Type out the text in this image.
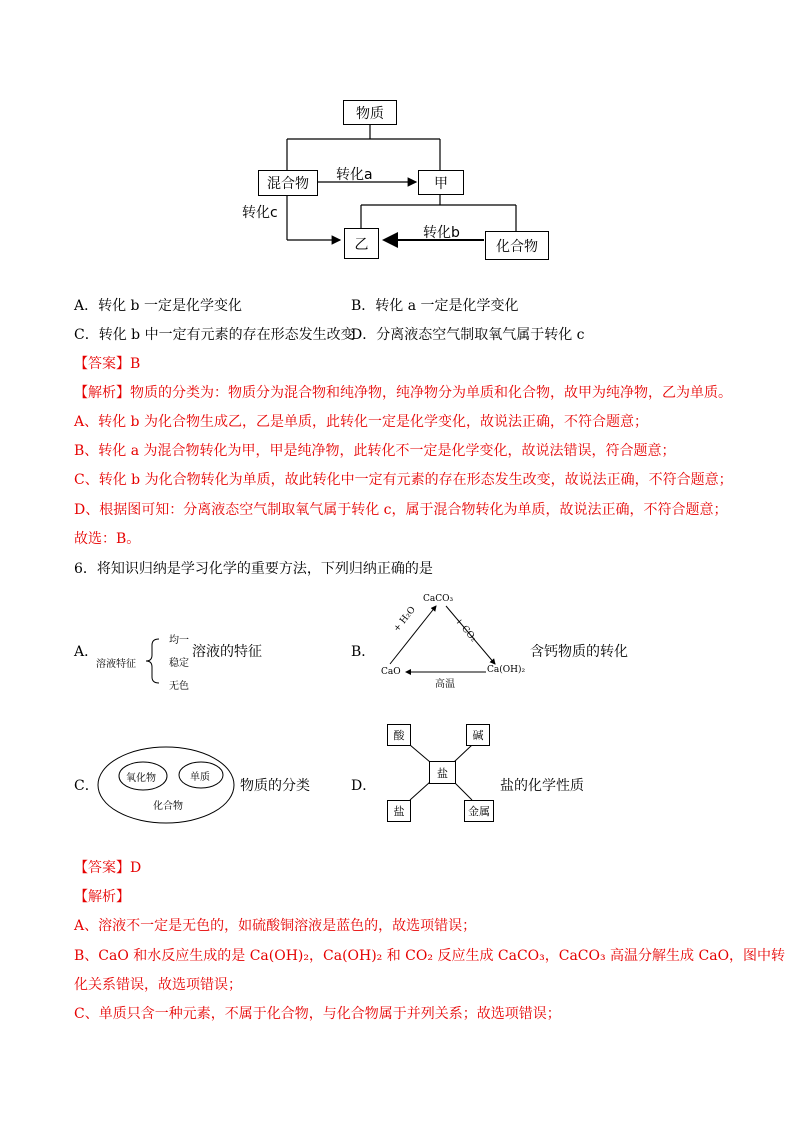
物质
混合物	甲
乙	化合物
转化a
转化b
转化c
A．转化 b 一定是化学变化	B．转化 a 一定是化学变化
C．转化 b 中一定有元素的存在形态发生改变
D．分离液态空气制取氧气属于转化 c
【答案】B
【解析】物质的分类为：物质分为混合物和纯净物，纯净物分为单质和化合物，故甲为纯净物，乙为单质。
A、转化 b 为化合物生成乙，乙是单质，此转化一定是化学变化，故说法正确，不符合题意；
B、转化 a 为混合物转化为甲，甲是纯净物，此转化不一定是化学变化，故说法错误，符合题意；
C、转化 b 为化合物转化为单质，故此转化中一定有元素的存在形态发生改变，故说法正确，不符合题意；
D、根据图可知：分离液态空气制取氧气属于转化 c，属于混合物转化为单质，故说法正确，不符合题意；
故选：B。
6．将知识归纳是学习化学的重要方法，下列归纳正确的是
A．
溶液特征
均一
稳定
无色
溶液的特征	B．
CaCO₃
CaO	Ca(OH)₂
+ H₂O	+ CO₂
高温
含钙物质的转化
C．	氧化物	单质
化合物
物质的分类	D．
酸	碱
盐
盐	金属
盐的化学性质
【答案】D
【解析】
A、溶液不一定是无色的，如硫酸铜溶液是蓝色的，故选项错误；
B、CaO 和水反应生成的是 Ca(OH)₂，Ca(OH)₂ 和 CO₂ 反应生成 CaCO₃，CaCO₃ 高温分解生成 CaO，图中转
化关系错误，故选项错误；
C、单质只含一种元素，不属于化合物，与化合物属于并列关系；故选项错误；
